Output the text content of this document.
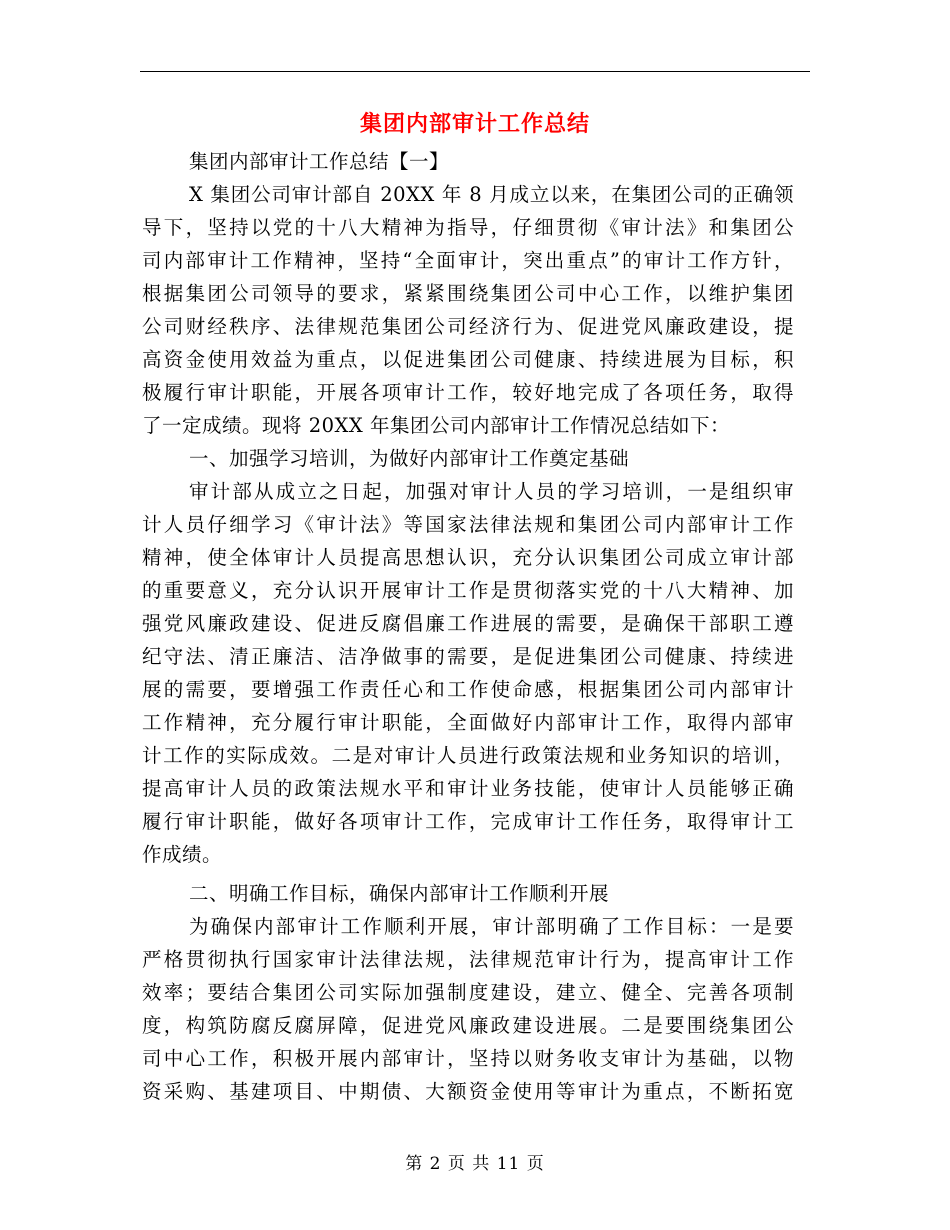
集团内部审计工作总结
集团内部审计工作总结【一】
X 集团公司审计部自 20XX 年 8 月成立以来，在集团公司的正确领
导下，坚持以党的十八大精神为指导，仔细贯彻《审计法》和集团公
司内部审计工作精神，坚持“全面审计，突出重点”的审计工作方针，
根据集团公司领导的要求，紧紧围绕集团公司中心工作，以维护集团
公司财经秩序、法律规范集团公司经济行为、促进党风廉政建设，提
高资金使用效益为重点，以促进集团公司健康、持续进展为目标，积
极履行审计职能，开展各项审计工作，较好地完成了各项任务，取得
了一定成绩。现将 20XX 年集团公司内部审计工作情况总结如下：
一、加强学习培训，为做好内部审计工作奠定基础
审计部从成立之日起，加强对审计人员的学习培训，一是组织审
计人员仔细学习《审计法》等国家法律法规和集团公司内部审计工作
精神，使全体审计人员提高思想认识，充分认识集团公司成立审计部
的重要意义，充分认识开展审计工作是贯彻落实党的十八大精神、加
强党风廉政建设、促进反腐倡廉工作进展的需要，是确保干部职工遵
纪守法、清正廉洁、洁净做事的需要，是促进集团公司健康、持续进
展的需要，要增强工作责任心和工作使命感，根据集团公司内部审计
工作精神，充分履行审计职能，全面做好内部审计工作，取得内部审
计工作的实际成效。二是对审计人员进行政策法规和业务知识的培训，
提高审计人员的政策法规水平和审计业务技能，使审计人员能够正确
履行审计职能，做好各项审计工作，完成审计工作任务，取得审计工
作成绩。
二、明确工作目标，确保内部审计工作顺利开展
为确保内部审计工作顺利开展，审计部明确了工作目标：一是要
严格贯彻执行国家审计法律法规，法律规范审计行为，提高审计工作
效率；要结合集团公司实际加强制度建设，建立、健全、完善各项制
度，构筑防腐反腐屏障，促进党风廉政建设进展。二是要围绕集团公
司中心工作，积极开展内部审计，坚持以财务收支审计为基础，以物
资采购、基建项目、中期债、大额资金使用等审计为重点，不断拓宽
第 2 页 共 11 页
